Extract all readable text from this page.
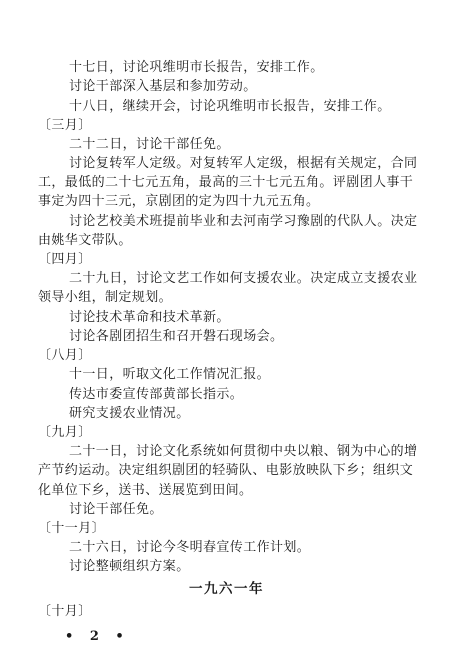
十七日，讨论巩维明市长报告，安排工作。
讨论干部深入基层和参加劳动。
十八日，继续开会，讨论巩维明市长报告，安排工作。
〔三月〕
二十二日，讨论干部任免。
讨论复转军人定级。对复转军人定级，根据有关规定，合同
工，最低的二十七元五角，最高的三十七元五角。评剧团人事干
事定为四十三元，京剧团的定为四十九元五角。
讨论艺校美术班提前毕业和去河南学习豫剧的代队人。决定
由姚华文带队。
〔四月〕
二十九日，讨论文艺工作如何支援农业。决定成立支援农业
领导小组，制定规划。
讨论技术革命和技术革新。
讨论各剧团招生和召开磐石现场会。
〔八月〕
十一日，听取文化工作情况汇报。
传达市委宣传部黄部长指示。
研究支援农业情况。
〔九月〕
二十一日，讨论文化系统如何贯彻中央以粮、钢为中心的增
产节约运动。决定组织剧团的轻骑队、电影放映队下乡；组织文
化单位下乡，送书、送展览到田间。
讨论干部任免。
〔十一月〕
二十六日，讨论今冬明春宣传工作计划。
讨论整顿组织方案。
一九六一年
〔十月〕
• 2 •
